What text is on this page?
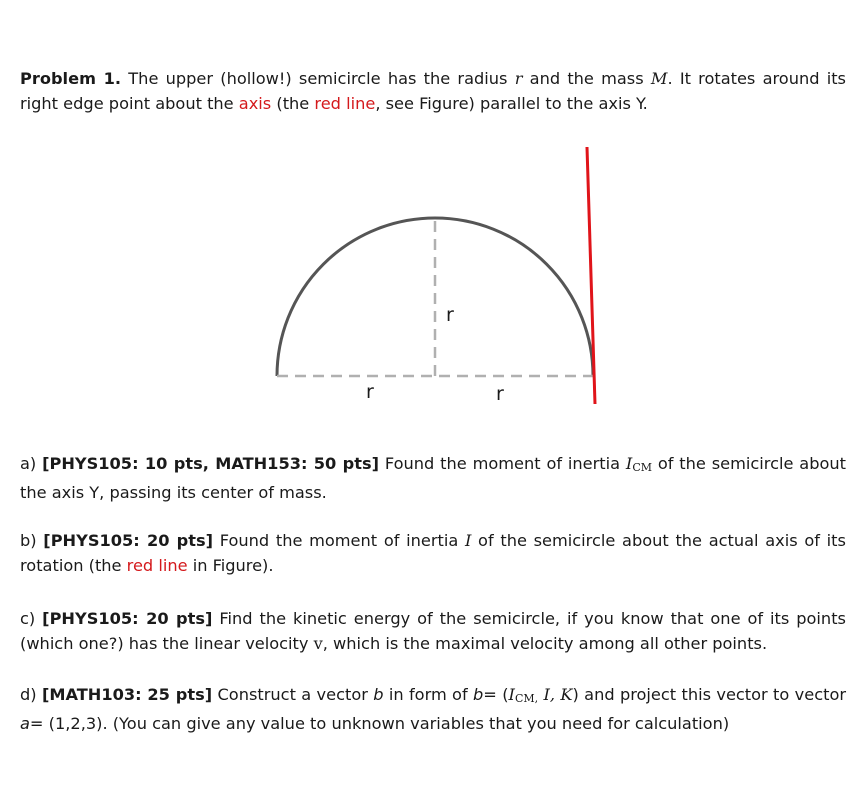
Problem 1. The upper (hollow!) semicircle has the radius r and the mass M. It rotates around its right edge point about the axis (the red line, see Figure) parallel to the axis Y.
r
r	r
a) [PHYS105: 10 pts, MATH153: 50 pts] Found the moment of inertia ICM of the semicircle about the axis Y, passing its center of mass.
b) [PHYS105: 20 pts] Found the moment of inertia I of the semicircle about the actual axis of its rotation (the red line in Figure).
c) [PHYS105: 20 pts] Find the kinetic energy of the semicircle, if you know that one of its points (which one?) has the linear velocity v, which is the maximal velocity among all other points.
d) [MATH103: 25 pts] Construct a vector b in form of b= (ICM, I, K) and project this vector to vector a= (1,2,3). (You can give any value to unknown variables that you need for calculation)
